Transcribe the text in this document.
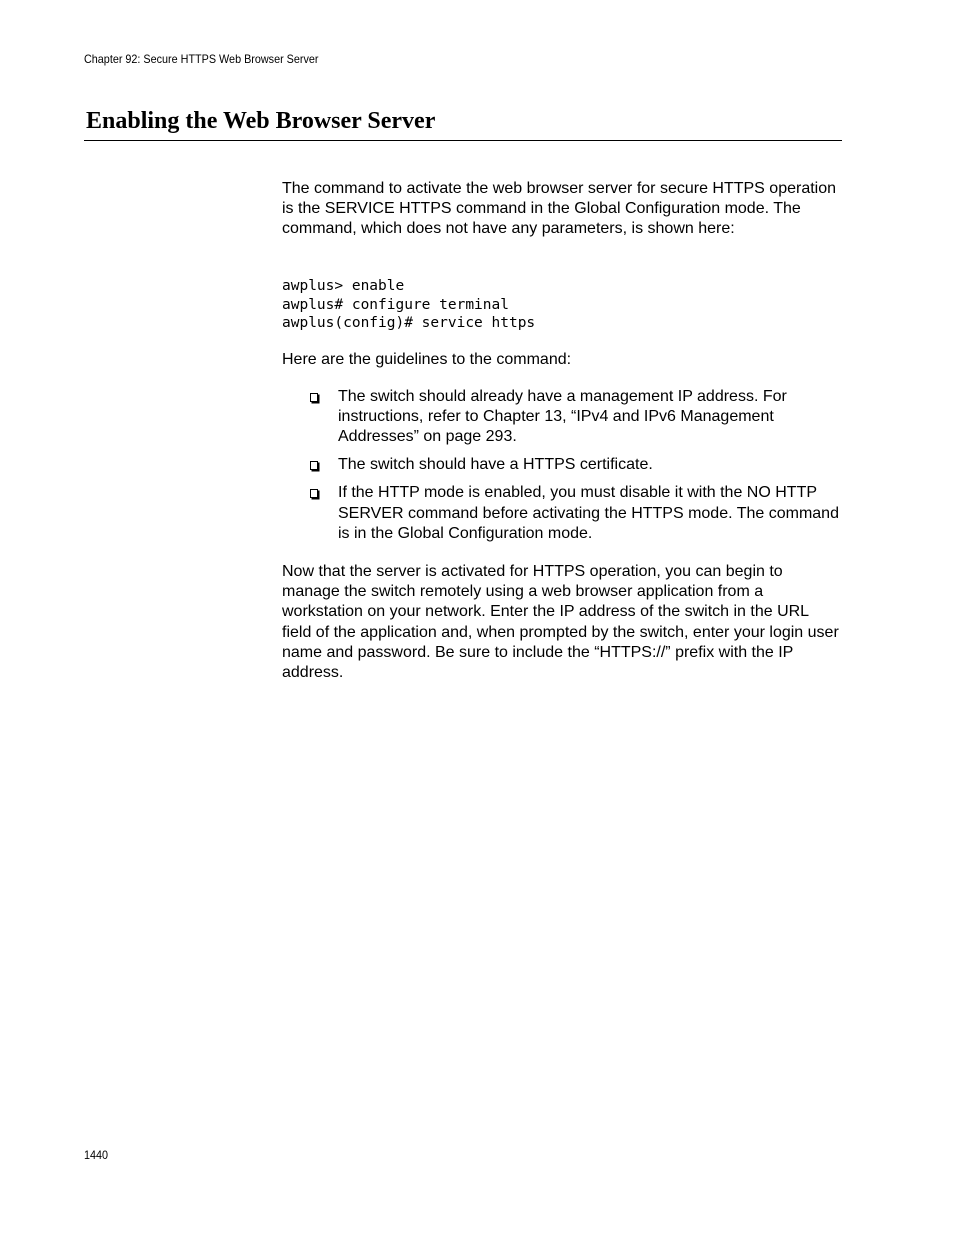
Chapter 92: Secure HTTPS Web Browser Server
Enabling the Web Browser Server

The command to activate the web browser server for secure HTTPS operation is the SERVICE HTTPS command in the Global Configuration mode. The command, which does not have any parameters, is shown here:

awplus> enable
awplus# configure terminal
awplus(config)# service https

Here are the guidelines to the command:

The switch should already have a management IP address. For instructions, refer to Chapter 13, “IPv4 and IPv6 Management Addresses” on page 293.
The switch should have a HTTPS certificate.
If the HTTP mode is enabled, you must disable it with the NO HTTP SERVER command before activating the HTTPS mode. The command is in the Global Configuration mode.

Now that the server is activated for HTTPS operation, you can begin to manage the switch remotely using a web browser application from a workstation on your network. Enter the IP address of the switch in the URL field of the application and, when prompted by the switch, enter your login user name and password. Be sure to include the “HTTPS://” prefix with the IP address.

1440
